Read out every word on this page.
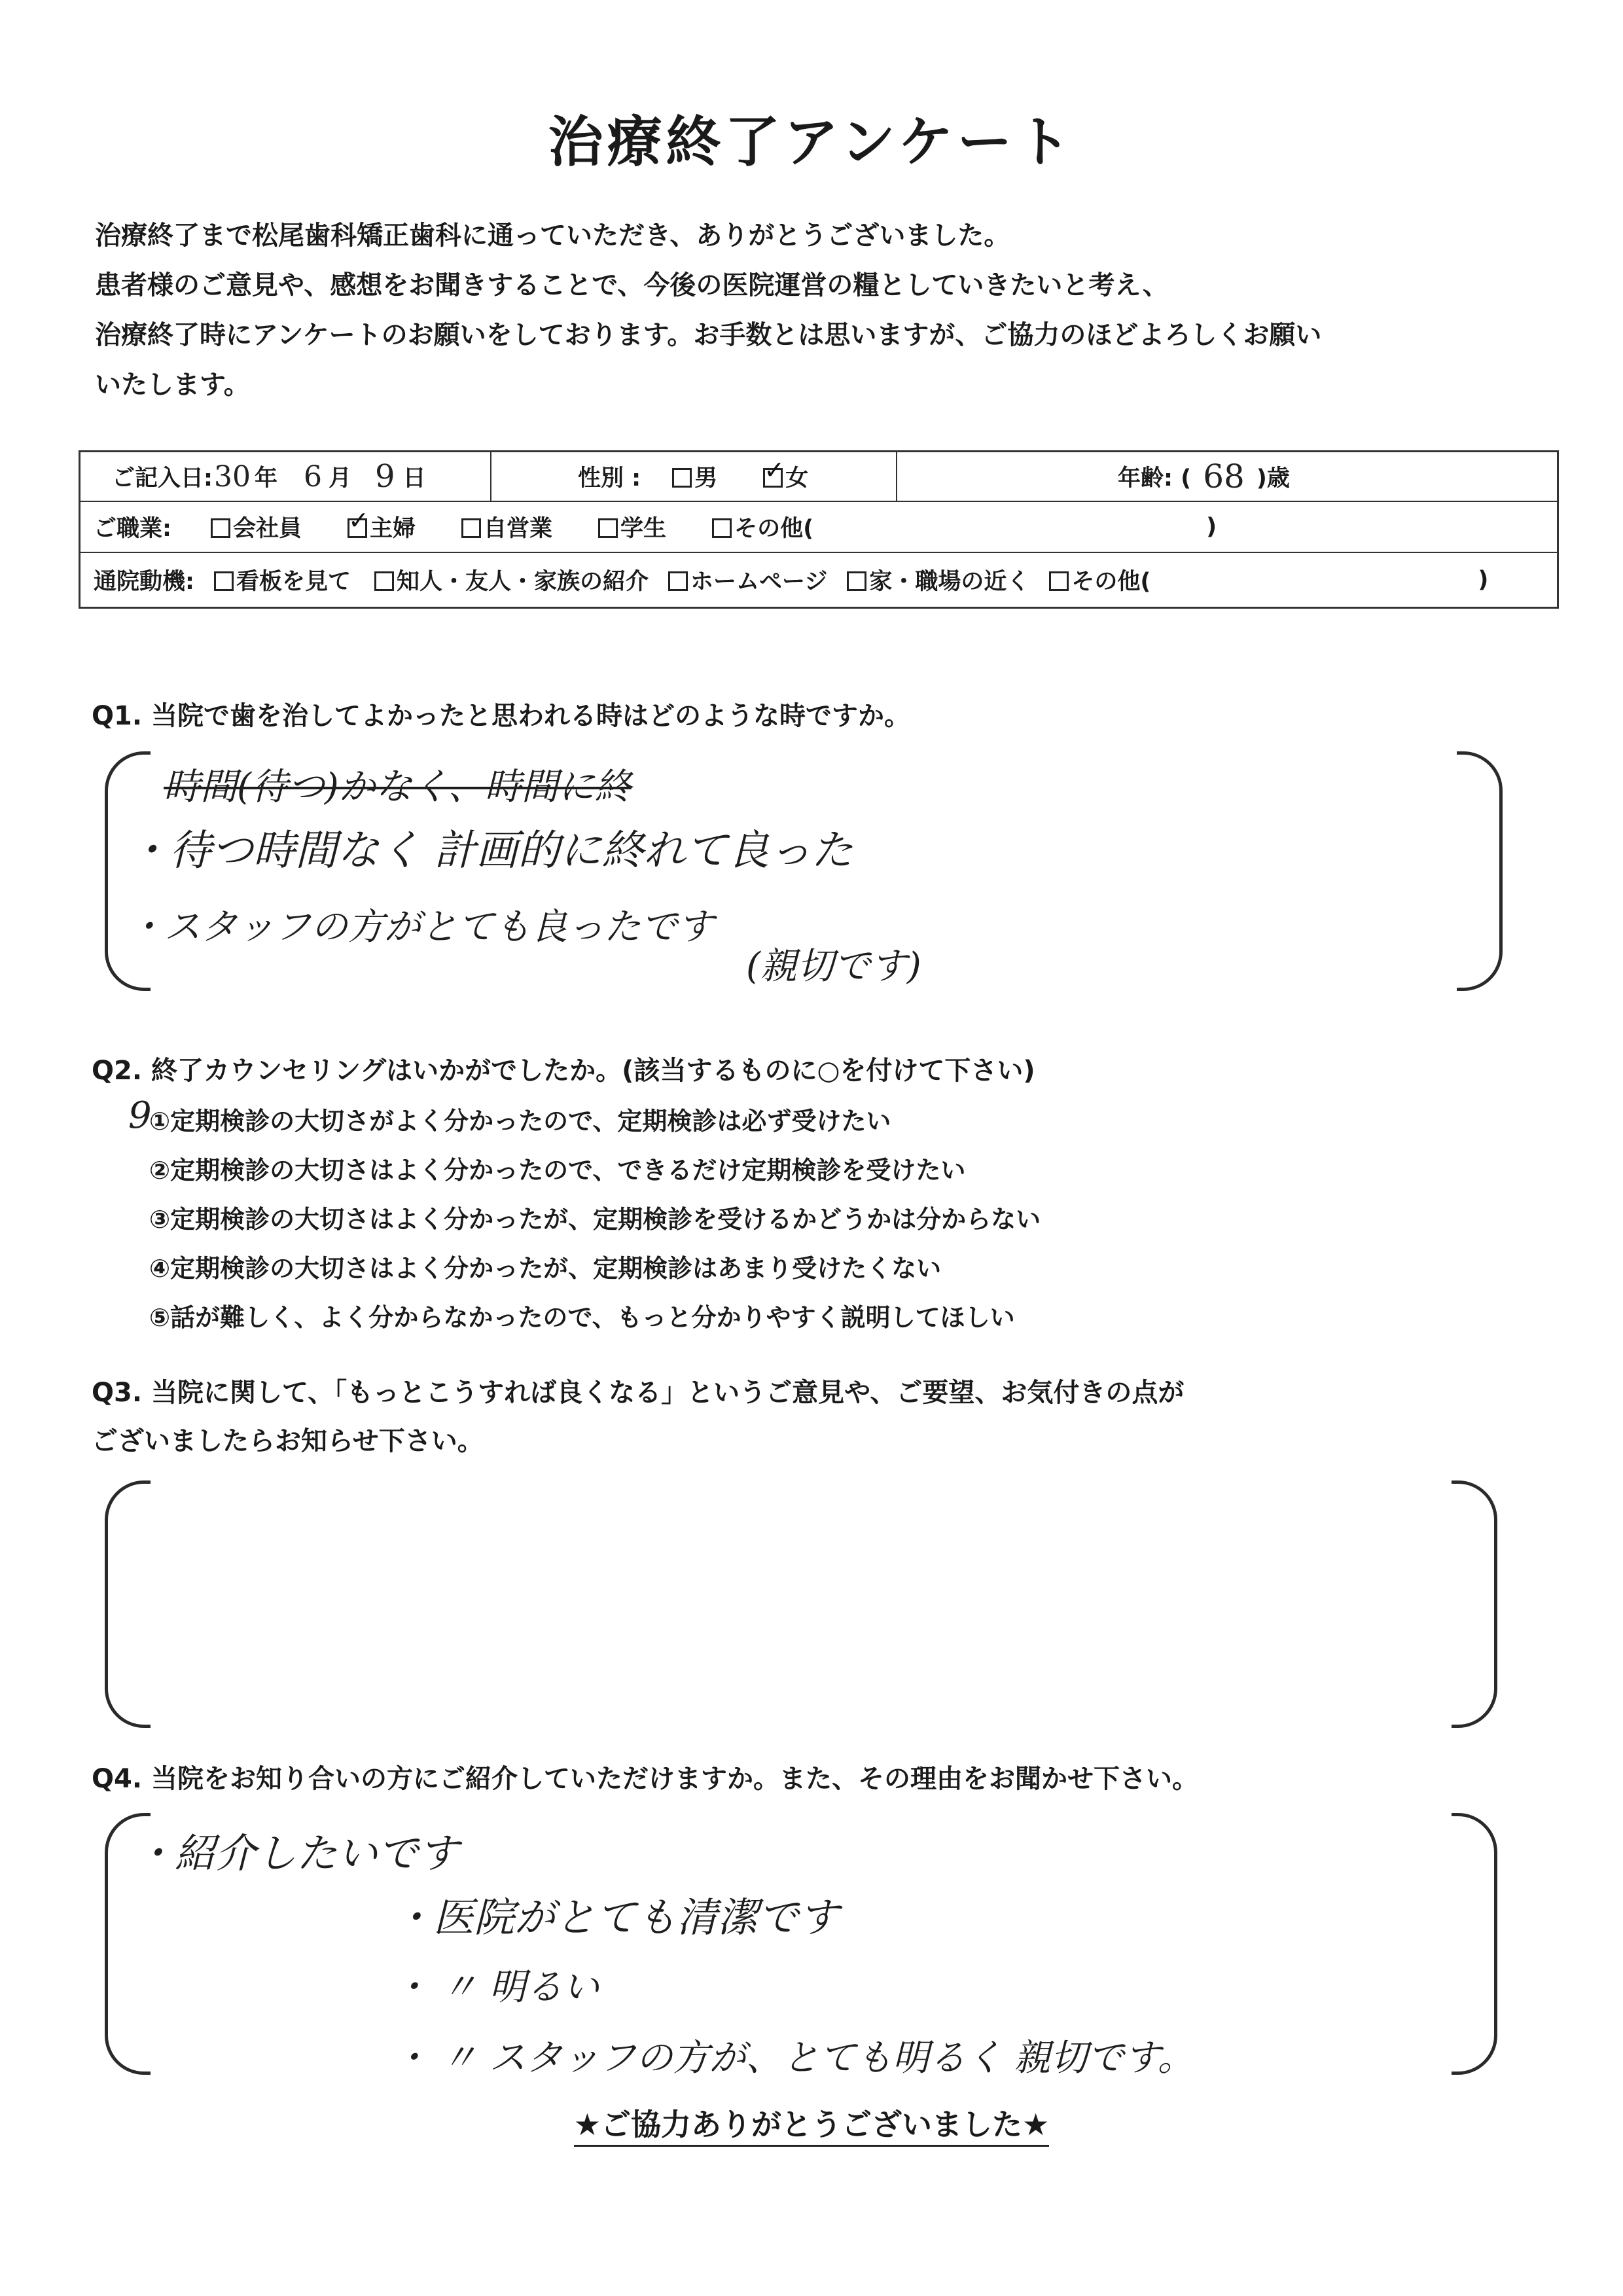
治療終了アンケート
治療終了まで松尾歯科矯正歯科に通っていただき、ありがとうございました。
患者様のご意見や、感想をお聞きすることで、今後の医院運営の糧としていきたいと考え、
治療終了時にアンケートのお願いをしております。お手数とは思いますが、ご協力のほどよろしくお願い
いたします。
ご記入日: 30 年 6 月 9 日	性別 :	男 ✓	女	年齢: ( 68 )歳
ご職業:	会社員 ✓	主婦	自営業	学生	その他(	)
通院動機:	看板を見て	知人・友人・家族の紹介	ホームページ	家・職場の近く	その他(	)
Q1. 当院で歯を治してよかったと思われる時はどのような時ですか。
時間(待つ)かなく、時間に終
・待つ時間なく 計画的に終れて良った
・スタッフの方がとても良ったです
(親切です)
Q2. 終了カウンセリングはいかがでしたか。(該当するものに○を付けて下さい)
9
①定期検診の大切さがよく分かったので、定期検診は必ず受けたい
②定期検診の大切さはよく分かったので、できるだけ定期検診を受けたい
③定期検診の大切さはよく分かったが、定期検診を受けるかどうかは分からない
④定期検診の大切さはよく分かったが、定期検診はあまり受けたくない
⑤話が難しく、よく分からなかったので、もっと分かりやすく説明してほしい
Q3. 当院に関して、「もっとこうすれば良くなる」というご意見や、ご要望、お気付きの点が
ございましたらお知らせ下さい。
Q4. 当院をお知り合いの方にご紹介していただけますか。また、その理由をお聞かせ下さい。
・紹介したいです
・医院がとても清潔です
・ 〃 明るい
・ 〃 スタッフの方が、とても明るく 親切です。
★ご協力ありがとうございました★
